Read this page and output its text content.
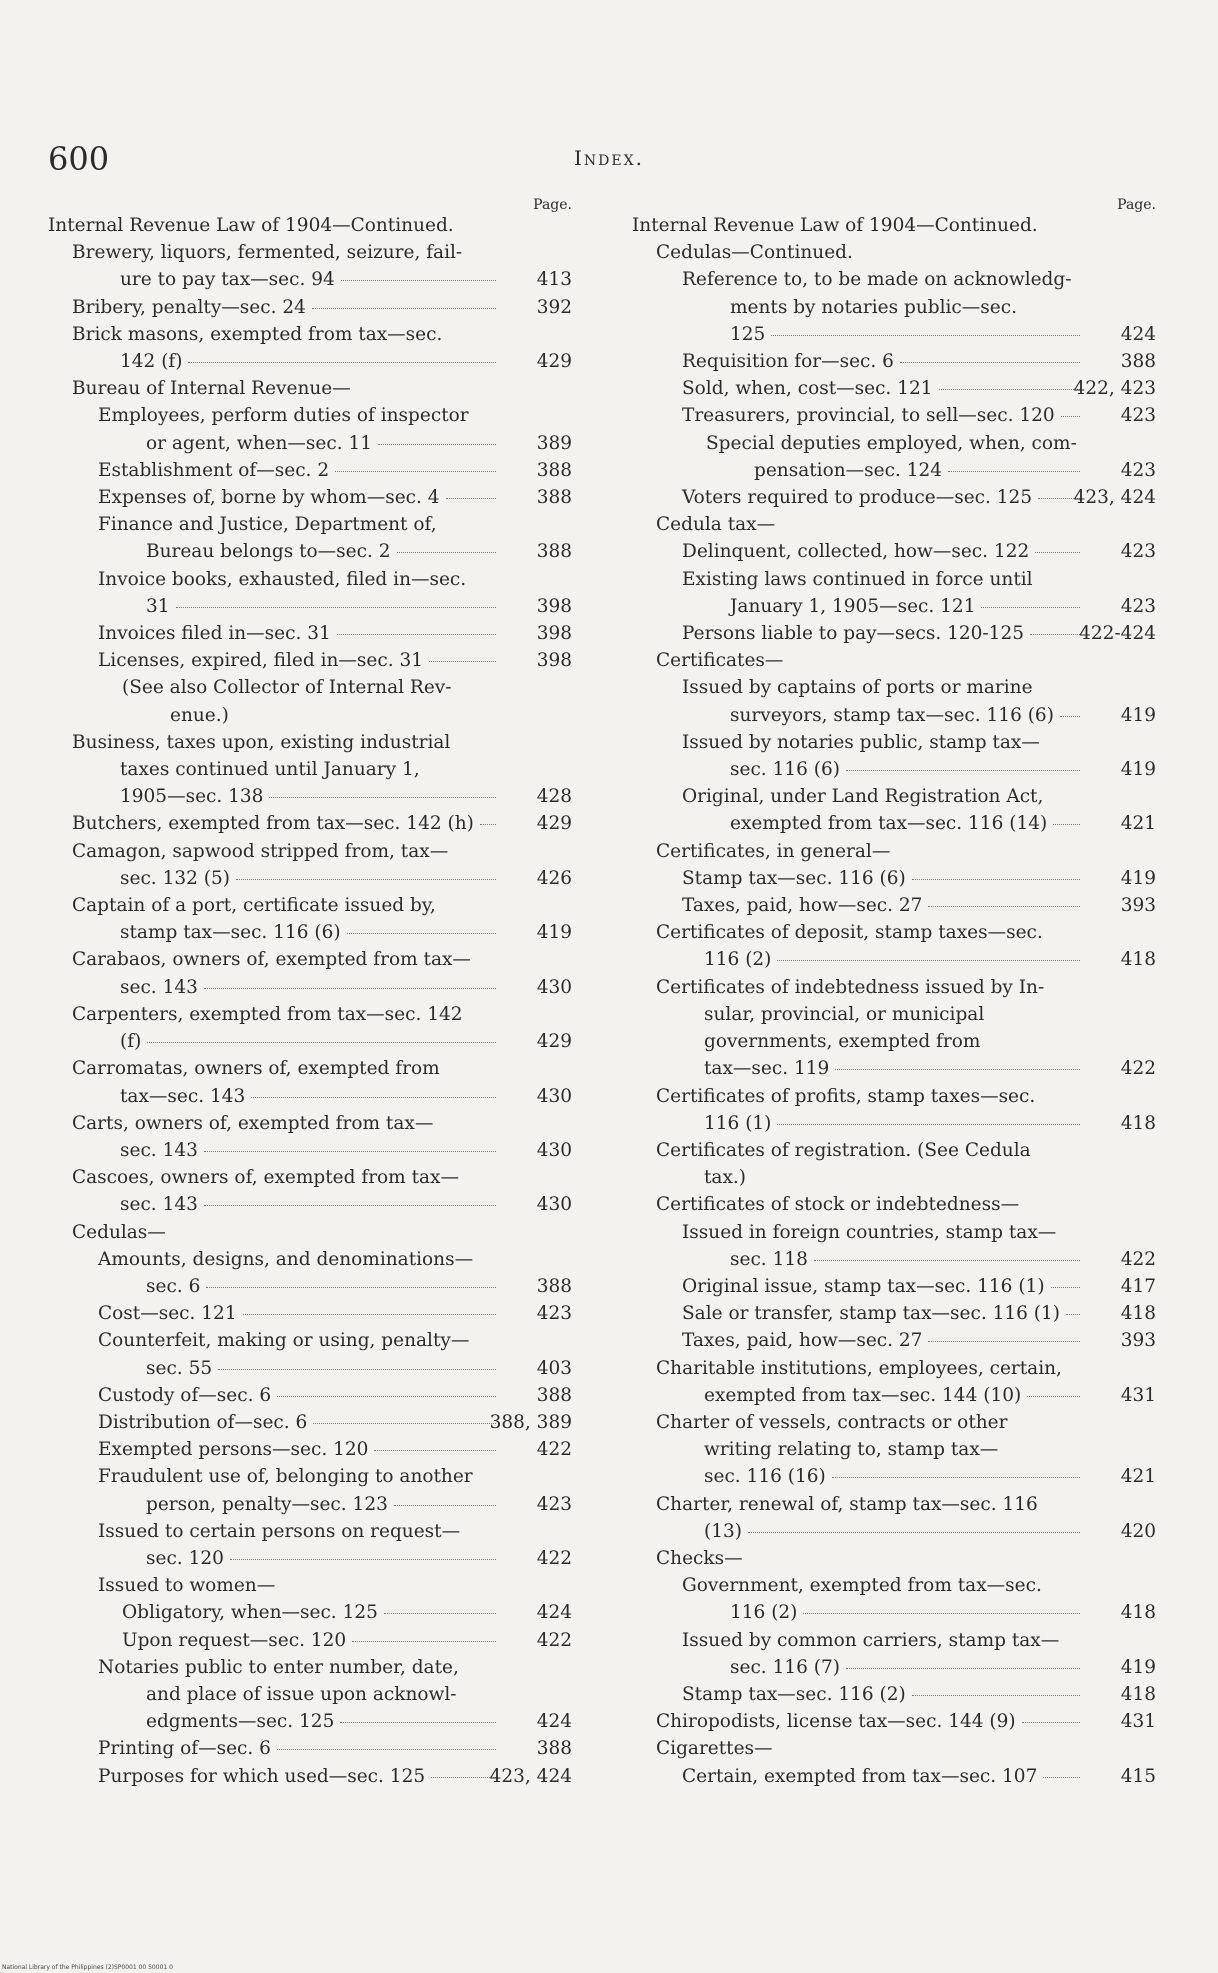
600	Index.
Page.
Internal Revenue Law of 1904—Continued.
Brewery, liquors, fermented, seizure, fail-
ure to pay tax—sec. 94	413
Bribery, penalty—sec. 24	392
Brick masons, exempted from tax—sec.
142 (f)	429
Bureau of Internal Revenue—
Employees, perform duties of inspector
or agent, when—sec. 11	389
Establishment of—sec. 2	388
Expenses of, borne by whom—sec. 4	388
Finance and Justice, Department of,
Bureau belongs to—sec. 2	388
Invoice books, exhausted, filed in—sec.
31	398
Invoices filed in—sec. 31	398
Licenses, expired, filed in—sec. 31	398
(See also Collector of Internal Rev-
enue.)
Business, taxes upon, existing industrial
taxes continued until January 1,
1905—sec. 138	428
Butchers, exempted from tax—sec. 142 (h)	429
Camagon, sapwood stripped from, tax—
sec. 132 (5)	426
Captain of a port, certificate issued by,
stamp tax—sec. 116 (6)	419
Carabaos, owners of, exempted from tax—
sec. 143	430
Carpenters, exempted from tax—sec. 142
(f)	429
Carromatas, owners of, exempted from
tax—sec. 143	430
Carts, owners of, exempted from tax—
sec. 143	430
Cascoes, owners of, exempted from tax—
sec. 143	430
Cedulas—
Amounts, designs, and denominations—
sec. 6	388
Cost—sec. 121	423
Counterfeit, making or using, penalty—
sec. 55	403
Custody of—sec. 6	388
Distribution of—sec. 6	388, 389
Exempted persons—sec. 120	422
Fraudulent use of, belonging to another
person, penalty—sec. 123	423
Issued to certain persons on request—
sec. 120	422
Issued to women—
Obligatory, when—sec. 125	424
Upon request—sec. 120	422
Notaries public to enter number, date,
and place of issue upon acknowl-
edgments—sec. 125	424
Printing of—sec. 6	388
Purposes for which used—sec. 125	423, 424
Page.
Internal Revenue Law of 1904—Continued.
Cedulas—Continued.
Reference to, to be made on acknowledg-
ments by notaries public—sec.
125	424
Requisition for—sec. 6	388
Sold, when, cost—sec. 121	422, 423
Treasurers, provincial, to sell—sec. 120	423
Special deputies employed, when, com-
pensation—sec. 124	423
Voters required to produce—sec. 125 423, 424
Cedula tax—
Delinquent, collected, how—sec. 122	423
Existing laws continued in force until
January 1, 1905—sec. 121	423
Persons liable to pay—secs. 120-125	422-424
Certificates—
Issued by captains of ports or marine
surveyors, stamp tax—sec. 116 (6)	419
Issued by notaries public, stamp tax—
sec. 116 (6)	419
Original, under Land Registration Act,
exempted from tax—sec. 116 (14)	421
Certificates, in general—
Stamp tax—sec. 116 (6)	419
Taxes, paid, how—sec. 27	393
Certificates of deposit, stamp taxes—sec.
116 (2)	418
Certificates of indebtedness issued by In-
sular, provincial, or municipal
governments, exempted from
tax—sec. 119	422
Certificates of profits, stamp taxes—sec.
116 (1)	418
Certificates of registration. (See Cedula
tax.)
Certificates of stock or indebtedness—
Issued in foreign countries, stamp tax—
sec. 118	422
Original issue, stamp tax—sec. 116 (1)	417
Sale or transfer, stamp tax—sec. 116 (1)	418
Taxes, paid, how—sec. 27	393
Charitable institutions, employees, certain,
exempted from tax—sec. 144 (10)	431
Charter of vessels, contracts or other
writing relating to, stamp tax—
sec. 116 (16)	421
Charter, renewal of, stamp tax—sec. 116
(13)	420
Checks—
Government, exempted from tax—sec.
116 (2)	418
Issued by common carriers, stamp tax—
sec. 116 (7)	419
Stamp tax—sec. 116 (2)	418
Chiropodists, license tax—sec. 144 (9)	431
Cigarettes—
Certain, exempted from tax—sec. 107	415
National Library of the Philippines (2)SP0001 00 50001 0
